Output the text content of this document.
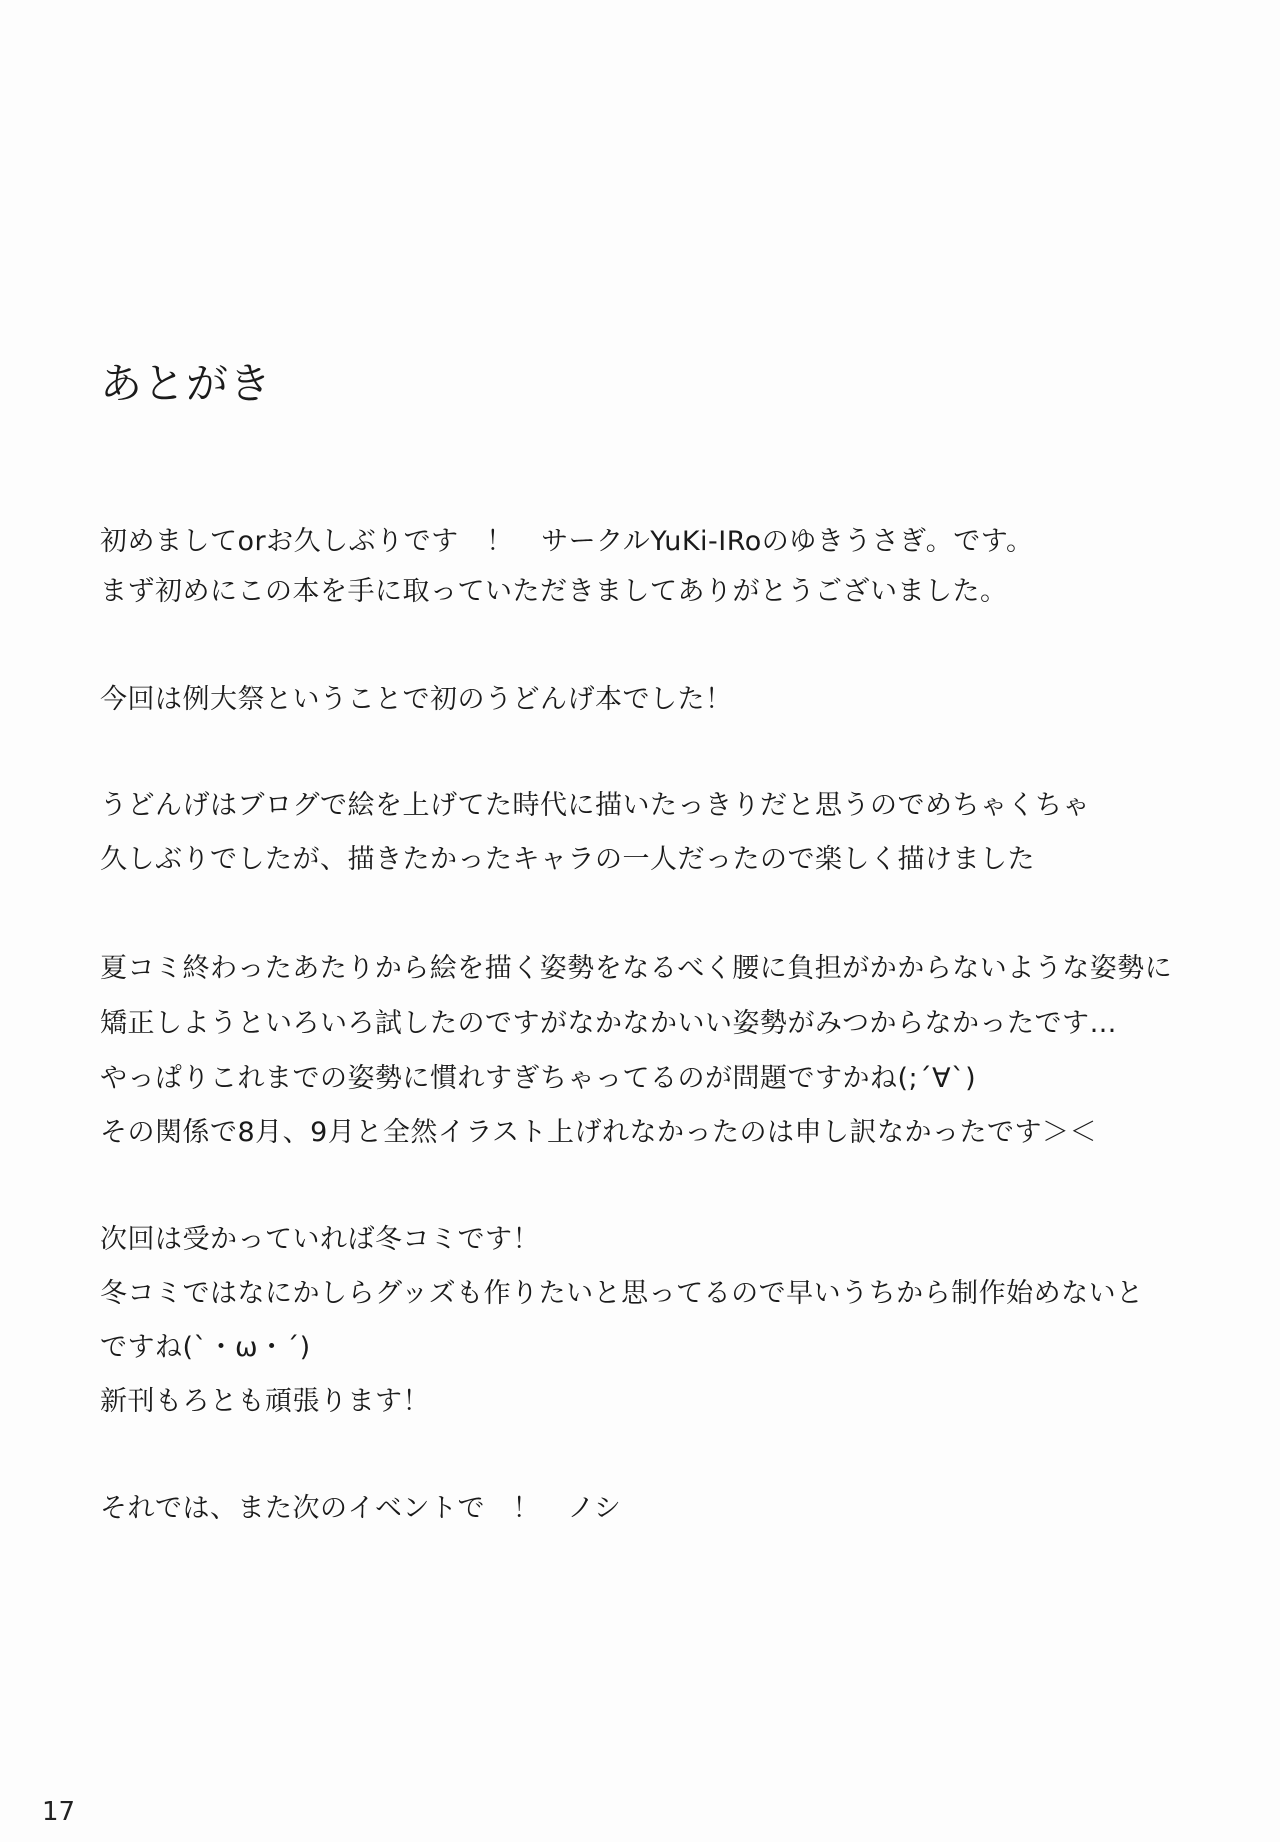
あとがき
初めましてorお久しぶりです　！　サークルYuKi-IRoのゆきうさぎ。です。
まず初めにこの本を手に取っていただきましてありがとうございました。
今回は例大祭ということで初のうどんげ本でした！
うどんげはブログで絵を上げてた時代に描いたっきりだと思うのでめちゃくちゃ
久しぶりでしたが、描きたかったキャラの一人だったので楽しく描けました
夏コミ終わったあたりから絵を描く姿勢をなるべく腰に負担がかからないような姿勢に
矯正しようといろいろ試したのですがなかなかいい姿勢がみつからなかったです…
やっぱりこれまでの姿勢に慣れすぎちゃってるのが問題ですかね(;´∀`)
その関係で8月、9月と全然イラスト上げれなかったのは申し訳なかったです＞＜
次回は受かっていれば冬コミです！
冬コミではなにかしらグッズも作りたいと思ってるので早いうちから制作始めないと
ですね(`・ω・´)
新刊もろとも頑張ります！
それでは、また次のイベントで　！　ノシ
17
